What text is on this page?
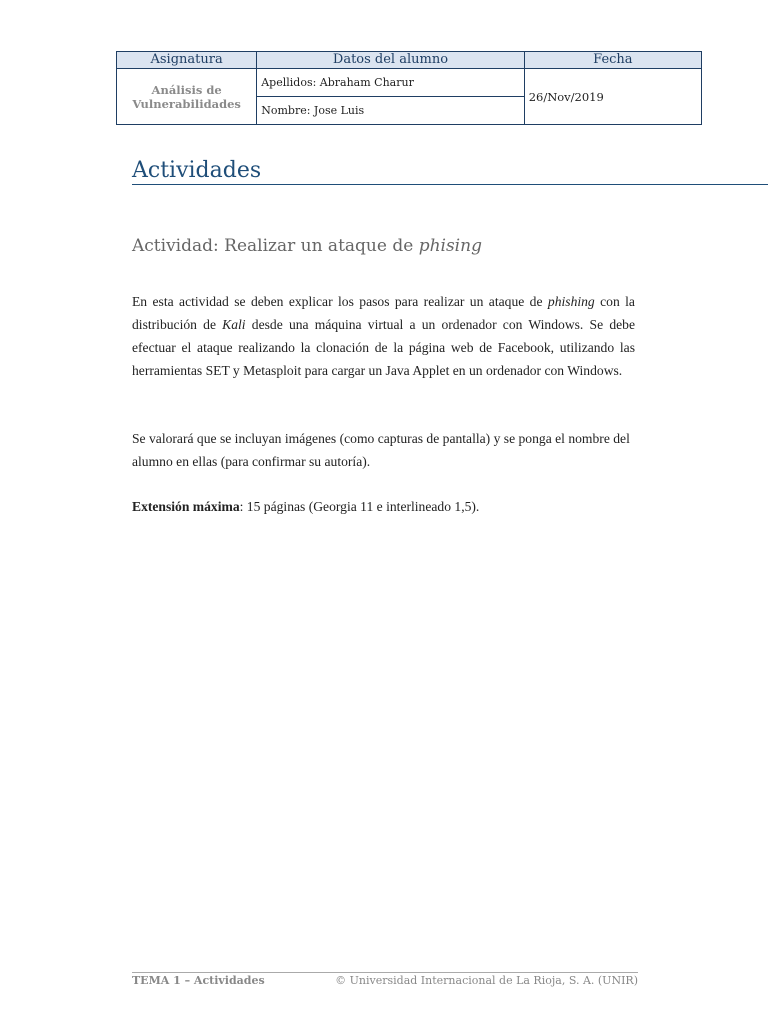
Asignatura	Datos del alumno	Fecha
Análisis de
Vulnerabilidades	Apellidos: Abraham Charur	26/Nov/2019
	Nombre: Jose Luis	
Actividades
Actividad: Realizar un ataque de phising

En esta actividad se deben explicar los pasos para realizar un ataque de phishing con la distribución de Kali desde una máquina virtual a un ordenador con Windows. Se debe efectuar el ataque realizando la clonación de la página web de Facebook, utilizando las herramientas SET y Metasploit para cargar un Java Applet en un ordenador con Windows.

Se valorará que se incluyan imágenes (como capturas de pantalla) y se ponga el nombre del alumno en ellas (para confirmar su autoría).

Extensión máxima: 15 páginas (Georgia 11 e interlineado 1,5).

TEMA 1 – Actividades	© Universidad Internacional de La Rioja, S. A. (UNIR)
